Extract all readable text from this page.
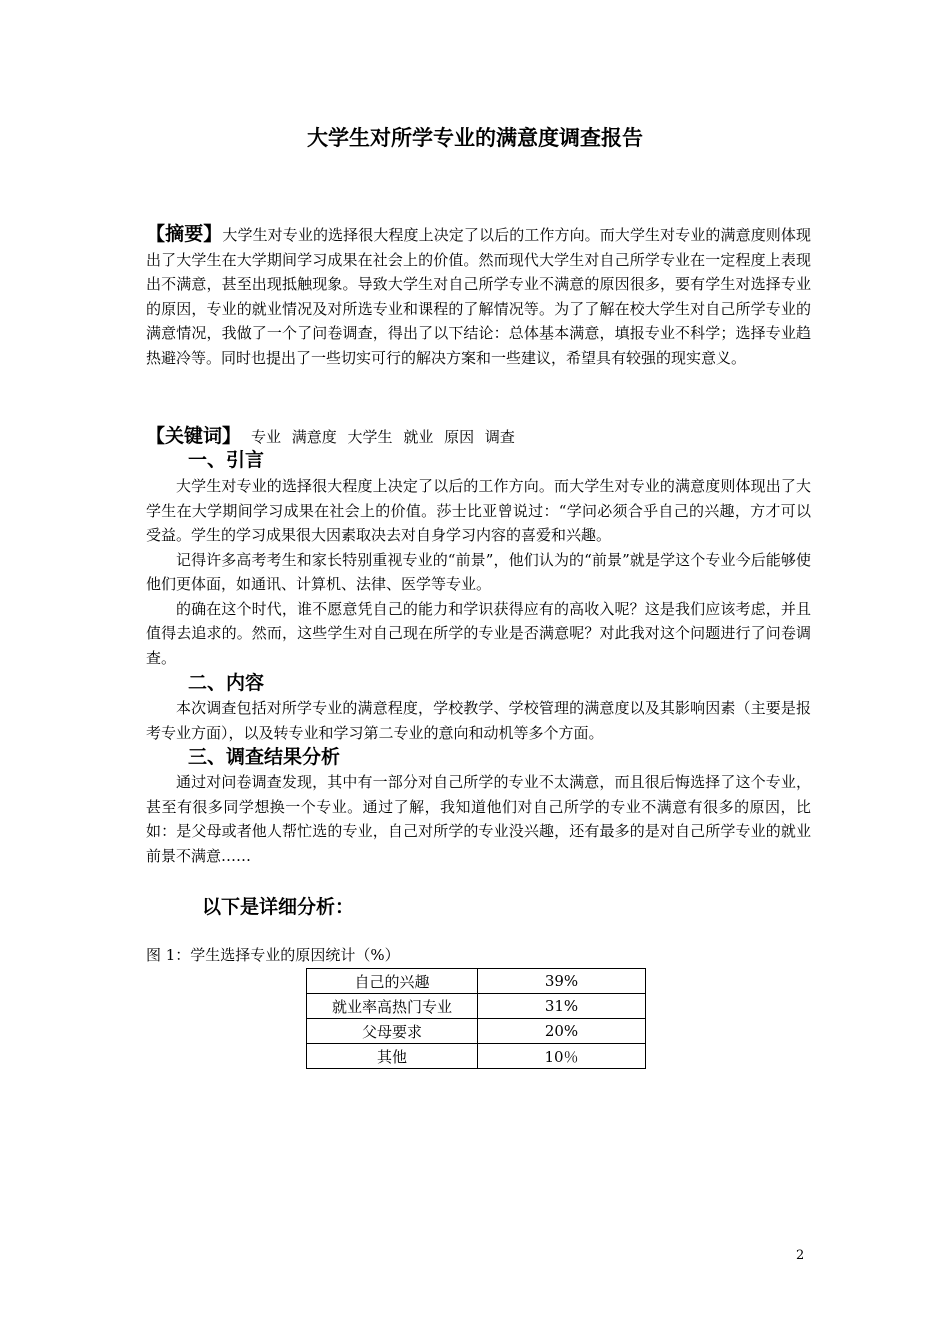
大学生对所学专业的满意度调查报告
【摘要】大学生对专业的选择很大程度上决定了以后的工作方向。而大学生对专业的满意度则体现出了大学生在大学期间学习成果在社会上的价值。然而现代大学生对自己所学专业在一定程度上表现出不满意，甚至出现抵触现象。导致大学生对自己所学专业不满意的原因很多，要有学生对选择专业的原因，专业的就业情况及对所选专业和课程的了解情况等。为了了解在校大学生对自己所学专业的满意情况，我做了一个了问卷调查，得出了以下结论：总体基本满意，填报专业不科学；选择专业趋热避冷等。同时也提出了一些切实可行的解决方案和一些建议，希望具有较强的现实意义。
【关键词】 专业 满意度 大学生 就业 原因 调查
一、引言

大学生对专业的选择很大程度上决定了以后的工作方向。而大学生对专业的满意度则体现出了大学生在大学期间学习成果在社会上的价值。莎士比亚曾说过：“学问必须合乎自己的兴趣，方才可以受益。学生的学习成果很大因素取决去对自身学习内容的喜爱和兴趣。

记得许多高考考生和家长特别重视专业的“前景”，他们认为的“前景”就是学这个专业今后能够使他们更体面，如通讯、计算机、法律、医学等专业。

的确在这个时代，谁不愿意凭自己的能力和学识获得应有的高收入呢？这是我们应该考虑，并且值得去追求的。然而，这些学生对自己现在所学的专业是否满意呢？对此我对这个问题进行了问卷调查。

二、内容

本次调查包括对所学专业的满意程度，学校教学、学校管理的满意度以及其影响因素（主要是报考专业方面），以及转专业和学习第二专业的意向和动机等多个方面。

三、调查结果分析

通过对问卷调查发现，其中有一部分对自己所学的专业不太满意，而且很后悔选择了这个专业，甚至有很多同学想换一个专业。通过了解，我知道他们对自己所学的专业不满意有很多的原因，比如：是父母或者他人帮忙选的专业，自己对所学的专业没兴趣，还有最多的是对自己所学专业的就业前景不满意……

以下是详细分析：
图 1：学生选择专业的原因统计（%）
自己的兴趣	39%
就业率高热门专业	31%
父母要求	20%
其他	10％
2
